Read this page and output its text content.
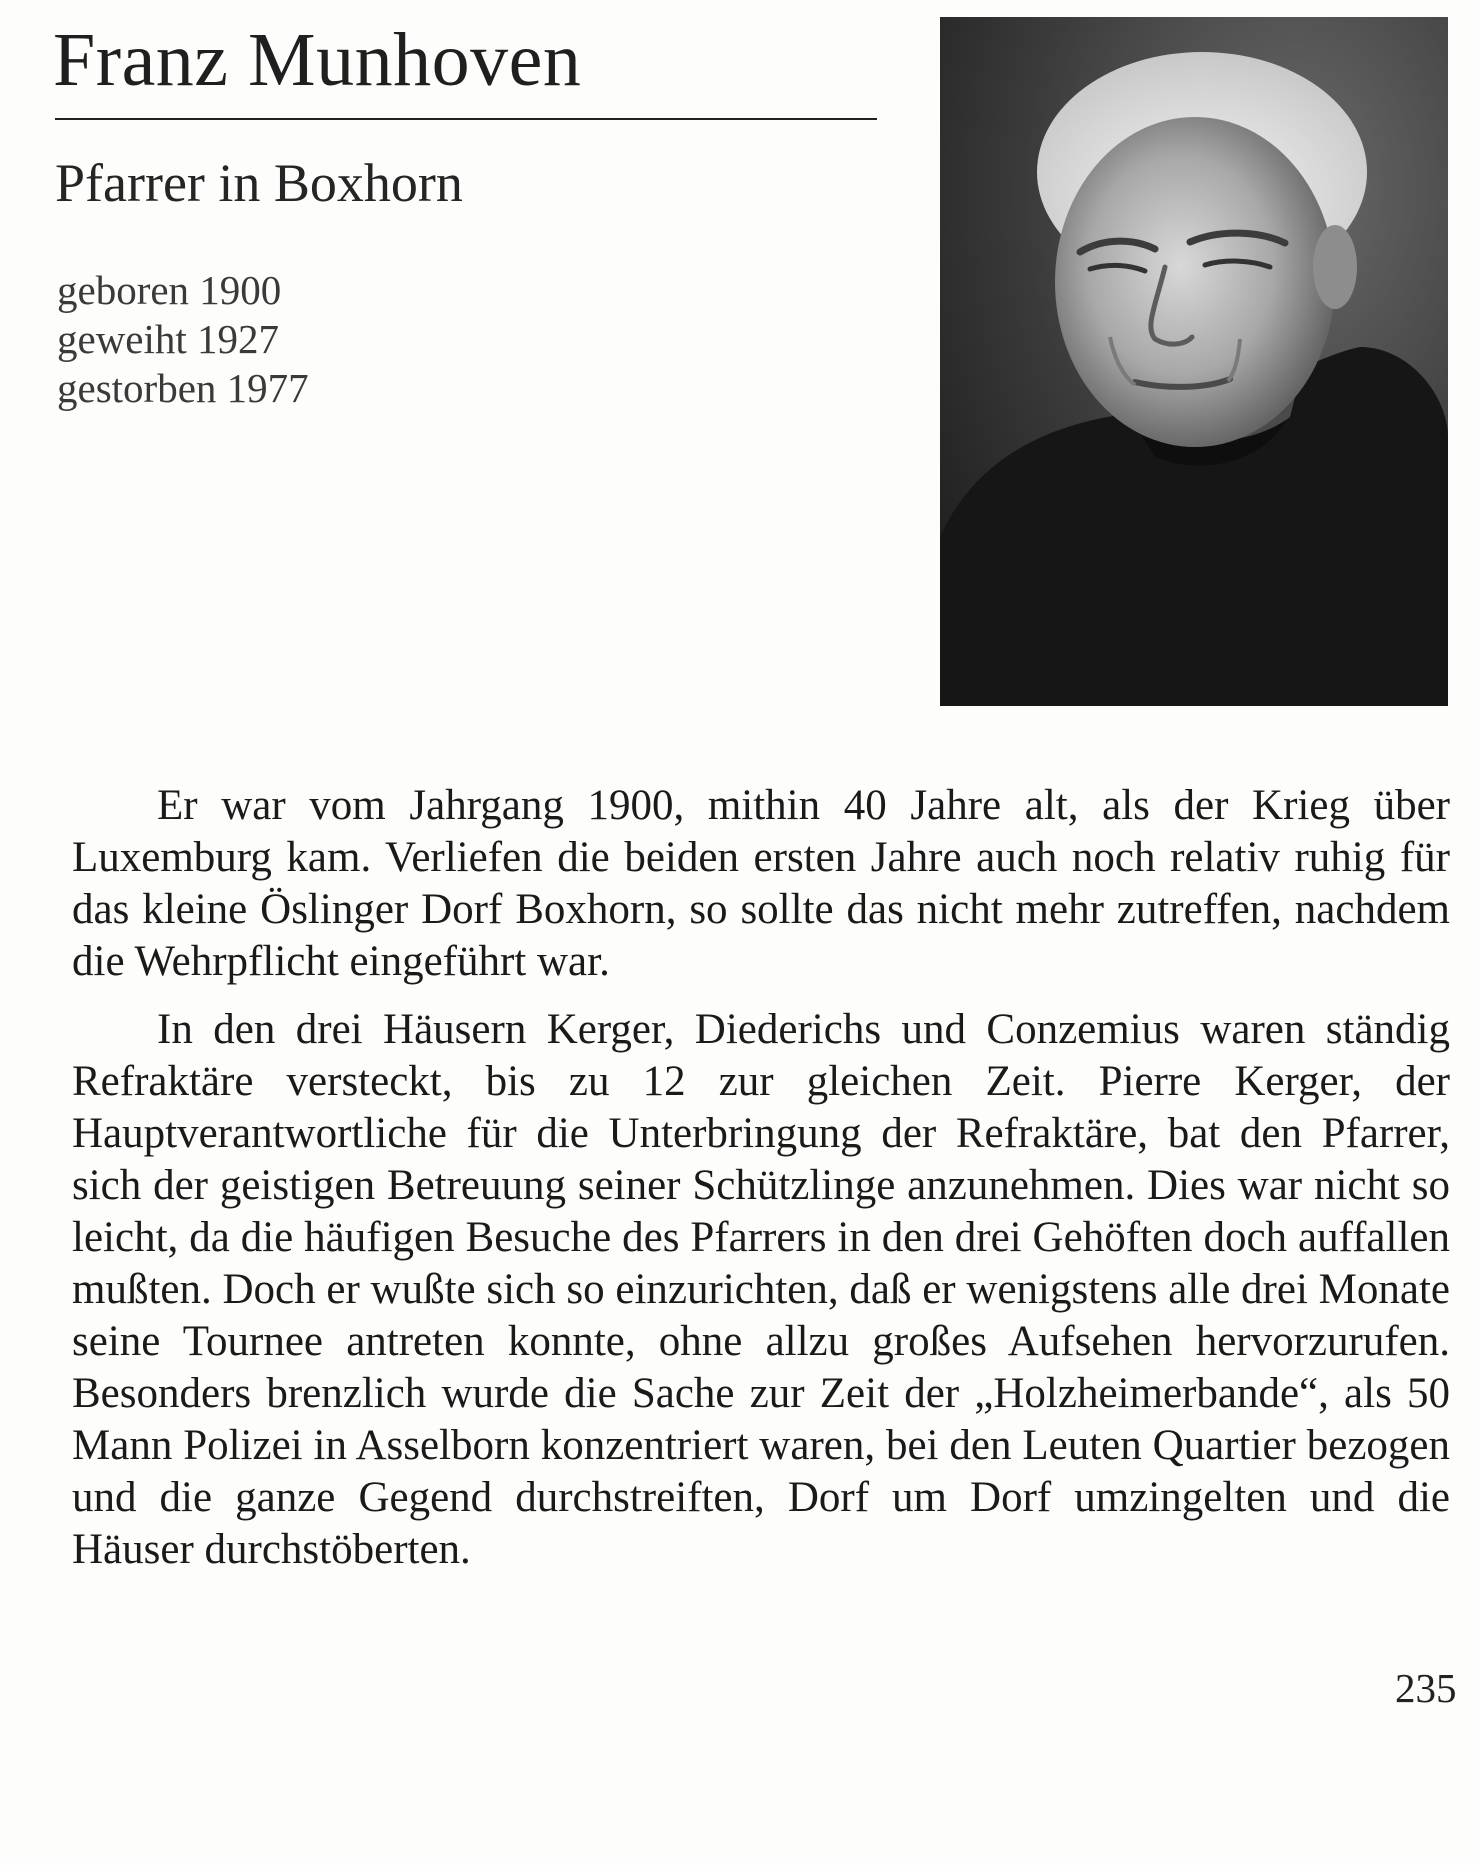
Franz Munhoven
Pfarrer in Boxhorn
geboren 1900
geweiht 1927
gestorben 1977

Er war vom Jahrgang 1900, mithin 40 Jahre alt, als der Krieg über Luxemburg kam. Verliefen die beiden ersten Jahre auch noch relativ ruhig für das kleine Öslinger Dorf Boxhorn, so sollte das nicht mehr zutreffen, nachdem die Wehrpflicht eingeführt war.

In den drei Häusern Kerger, Diederichs und Conzemius waren ständig Refraktäre versteckt, bis zu 12 zur gleichen Zeit. Pierre Kerger, der Hauptverantwortliche für die Unterbringung der Refraktäre, bat den Pfarrer, sich der geistigen Betreuung seiner Schützlinge anzunehmen. Dies war nicht so leicht, da die häufigen Besuche des Pfarrers in den drei Gehöften doch auffallen mußten. Doch er wußte sich so einzurichten, daß er wenigstens alle drei Monate seine Tournee antreten konnte, ohne allzu großes Aufsehen hervorzurufen. Besonders brenzlich wurde die Sache zur Zeit der „Holzheimerbande“, als 50 Mann Polizei in Asselborn konzentriert waren, bei den Leuten Quartier bezogen und die ganze Gegend durchstreiften, Dorf um Dorf umzingelten und die Häuser durchstöberten.

235
